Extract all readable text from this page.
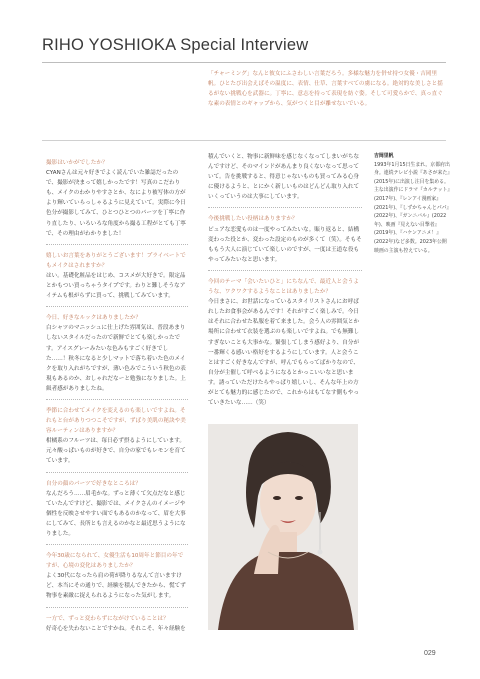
RIHO YOSHIOKA Special Interview
「チャーミング」なんと彼女にふさわしい言葉だろう。多様な魅力を併せ持つ女優・吉岡里帆。ひとたび出会えばその温度に、表情、仕草、言葉すべての虜になる。絶対的な美しさと揺るがない挑戦心を武器に。丁寧に、意志を持って表現を紡ぐ姿。そして可愛らかで、真っ直ぐな素の表情とのギャップから、気がつくと目が離せないでいる。
撮影はいかがでしたか？
CYANさんは元々好きでよく読んでいた雑誌だったので、撮影が決まって嬉しかったです！写真のこだわりも、メイクのわかりやすさとか、なにより被写体の方がより輝いていらっしゃるように見えていて。実際に今日色分が撮影してみて、ひとつひとつのパーツを丁寧に作り直したり、いろいろな角度から撮る工程がとても丁寧で、その理由がわかりました！
嬉しいお言葉をありがとうございます！プライベートでもメイクはされますか？
はい。基礎化粧品をはじめ、コスメが大好きで。限定品とかもつい買っちゃうタイプです。わりと難しそうなアイテムも根がらずに買って、挑戦してみています。
今日、好きなルックはありましたか？
白シャツのマニッシュに仕上げた雰囲気は、普段あまりしないスタイルだったので新鮮でとても楽しかったです。アイスグレーみたいな色みもすごく好きでした……！秋冬になると少しマットで落ち着いた色のメイクを取り入れがちですが、薄い色みでこういう秋色の表現もあるのか、おしゃれだなーと勉強になりました。上級者感がありましたね。
季節に合わせてメイクを変えるのも楽しいですよね。それもと台がありつつこそですが、ずばり美肌の秘訣や美容ルーティンはありますか？
柑橘系のフルーツは、毎日必ず摂るようにしています。元々酸っぱいものが好きで、自分の家でもレモンを育てています。
自分の顔のパーツで好きなところは？
なんだろう……眉毛かな。ずっと薄くて欠点だなと感じていたんですけど、撮影では、メイクさんのイメージや個性を反映させやすい面でもあるのかなって、眉を大事にしてみて、長所とも言えるのかなと最近思うようになりました。
今年30歳になられて、女優生活も10周年と節目の年ですが、心境の変化はありましたか？
よく30代になったら肩の荷が降りるなんて言いますけど、本当にその通りで、経験を積んできたから、慌てず物事を素敵に捉えられるようになった気がします。
一方で、ずっと変わらずにながけていることは？
好奇心を失わないことですかね。それこそ、年々経験を
積んでいくと、物事に新鮮味を感じなくなってしまいがちなんですけど、そのマインドがあんまり良くないなって思っていて。告を挑戦すると、得意じゃないものも買ってみる心身に優けるようと、とにかく新しいものはどんどん取り入れていくっていうのは大事にしています。
今後挑戦したい役柄はありますか？
ピュアな恋愛ものは一度やってみたいな。賑り返ると、結構変わった役とか、変わった設定のものが多くて（笑）。そもそももう大人に演じていて楽しいのですが、一度は王道な役もやってみたいなと思います。
今回のテーマ「会いたいひと」にちなんで、最近人と会うような、ワクワクするようなことはありましたか？
今日まさに、お世話になっているスタイリストさんにお呼ばれしたお食事会があるんです！それがすごく楽しみで。今日はそれに合わせた私服を着て来ました。会う人の雰囲気とか場所に合わせて衣装を選ぶのも楽しいですよね。でも無難しすぎないことも大事かな。緊張してしまう感好より、自分が一番輝くる感いい格好をするようにしています。人と会うことはすごく好きなんですが、呼んでもらってばかりなので、自分が主催して呼べるようになるとかっこいいなと思います。誘っていただけたらやっぱり嬉しいし、そんな年上の方がとても魅力的に感じたので、これからはもてなす側もやっていきたいな……（笑）
吉岡里帆
1993年1月15日生まれ。京都府出身。連続テレビ小説『あさが来た』(2015年)に出演し注目を集める。主な出演作にドラマ『カルテット』(2017年)、『レンアイ漫画家』(2021年)、『しずかちゃんとパパ』(2022年)、『ガンニバル』(2022年)、映画『見えない目撃者』(2019年)、『ハケンアニメ！』(2022年)など多数。2023年公開映画の主演も控えている。
029
